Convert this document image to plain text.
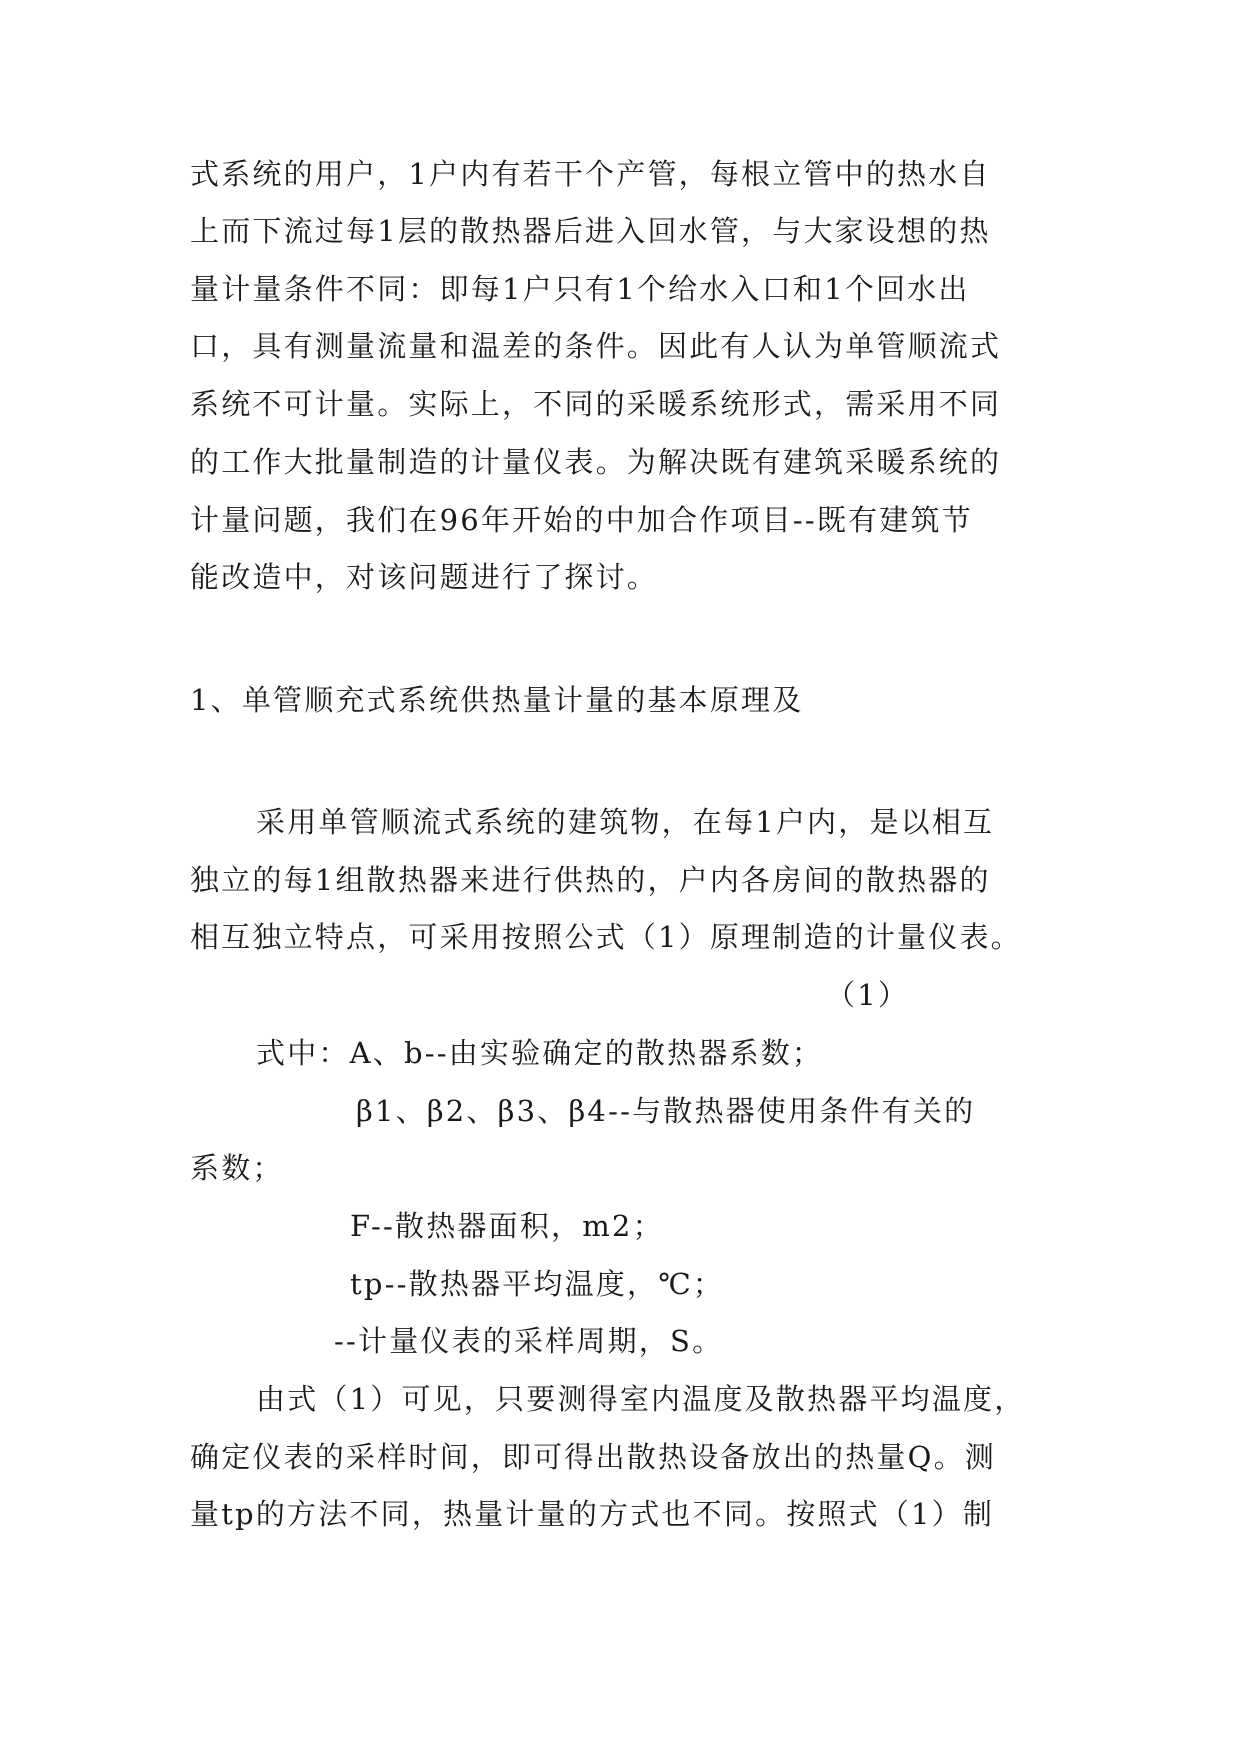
式系统的用户，1户内有若干个产管，每根立管中的热水自
上而下流过每1层的散热器后进入回水管，与大家设想的热
量计量条件不同：即每1户只有1个给水入口和1个回水出
口，具有测量流量和温差的条件。因此有人认为单管顺流式
系统不可计量。实际上，不同的采暖系统形式，需采用不同
的工作大批量制造的计量仪表。为解决既有建筑采暖系统的
计量问题，我们在96年开始的中加合作项目--既有建筑节
能改造中，对该问题进行了探讨。
1、单管顺充式系统供热量计量的基本原理及
采用单管顺流式系统的建筑物，在每1户内，是以相互
独立的每1组散热器来进行供热的，户内各房间的散热器的
相互独立特点，可采用按照公式（1）原理制造的计量仪表。
（1）
式中：A、b--由实验确定的散热器系数；
β1、β2、β3、β4--与散热器使用条件有关的
系数；
F--散热器面积，m2；
tp--散热器平均温度，℃；
--计量仪表的采样周期，S。
由式（1）可见，只要测得室内温度及散热器平均温度，
确定仪表的采样时间，即可得出散热设备放出的热量Q。测
量tp的方法不同，热量计量的方式也不同。按照式（1）制
